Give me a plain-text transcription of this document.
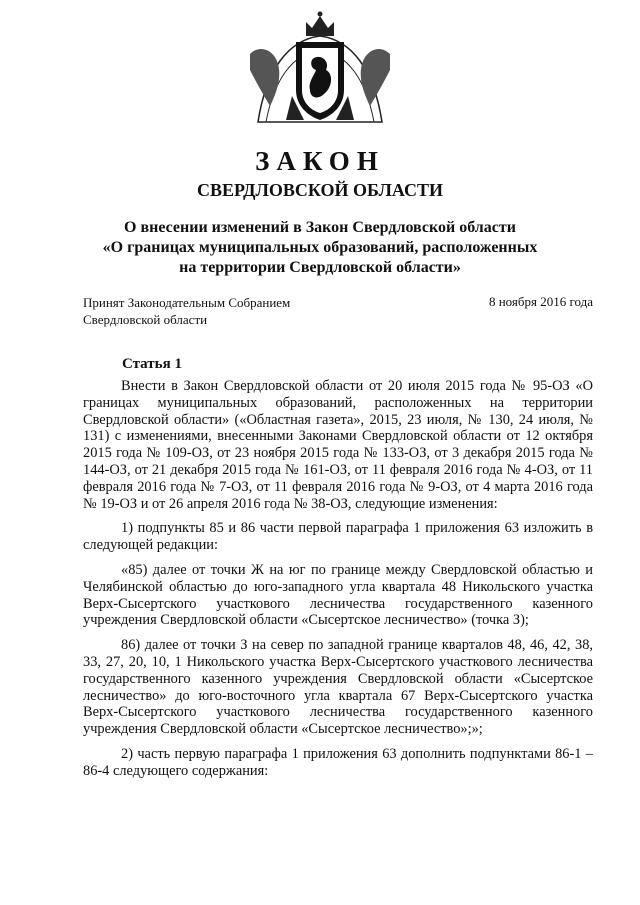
ЗАКОН
СВЕРДЛОВСКОЙ ОБЛАСТИ
О внесении изменений в Закон Свердловской области
«О границах муниципальных образований, расположенных
на территории Свердловской области»
Принят Законодательным Собранием
Свердловской области
8 ноября 2016 года
Статья 1

Внести в Закон Свердловской области от 20 июля 2015 года № 95-ОЗ «О границах муниципальных образований, расположенных на территории Свердловской области» («Областная газета», 2015, 23 июля, № 130, 24 июля, № 131) с изменениями, внесенными Законами Свердловской области от 12 октября 2015 года № 109-ОЗ, от 23 ноября 2015 года № 133-ОЗ, от 3 декабря 2015 года № 144-ОЗ, от 21 декабря 2015 года № 161-ОЗ, от 11 февраля 2016 года № 4-ОЗ, от 11 февраля 2016 года № 7-ОЗ, от 11 февраля 2016 года № 9-ОЗ, от 4 марта 2016 года № 19-ОЗ и от 26 апреля 2016 года № 38-ОЗ, следующие изменения:

1) подпункты 85 и 86 части первой параграфа 1 приложения 63 изложить в следующей редакции:

«85) далее от точки Ж на юг по границе между Свердловской областью и Челябинской областью до юго-западного угла квартала 48 Никольского участка Верх-Сысертского участкового лесничества государственного казенного учреждения Свердловской области «Сысертское лесничество» (точка З);

86) далее от точки З на север по западной границе кварталов 48, 46, 42, 38, 33, 27, 20, 10, 1 Никольского участка Верх-Сысертского участкового лесничества государственного казенного учреждения Свердловской области «Сысертское лесничество» до юго-восточного угла квартала 67 Верх-Сысертского участка Верх-Сысертского участкового лесничества государственного казенного учреждения Свердловской области «Сысертское лесничество»;»;

2) часть первую параграфа 1 приложения 63 дополнить подпунктами 86-1 – 86-4 следующего содержания:
